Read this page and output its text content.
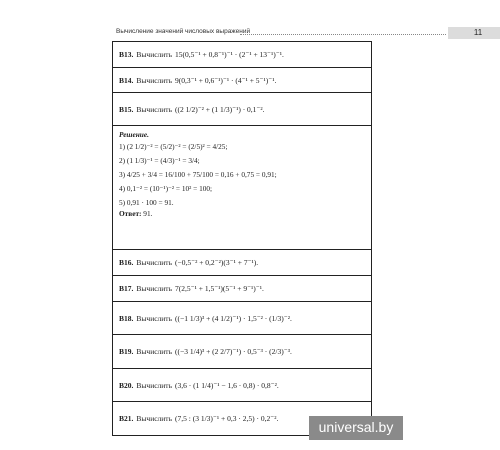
Вычисление значений числовых выражений	11
B13. Вычислить 15(0,5⁻¹ + 0,8⁻¹)⁻¹ · (2⁻¹ + 13⁻¹)⁻¹.
B14. Вычислить 9(0,3⁻¹ + 0,6⁻¹)⁻¹ · (4⁻¹ + 5⁻¹)⁻¹.
B15. Вычислить ((2 1/2)⁻² + (1 1/3)⁻¹) · 0,1⁻².
Решение.
1) (2 1/2)⁻² = (5/2)⁻² = (2/5)² = 4/25;
2) (1 1/3)⁻¹ = (4/3)⁻¹ = 3/4;
3) 4/25 + 3/4 = 16/100 + 75/100 = 0,16 + 0,75 = 0,91;
4) 0,1⁻² = (10⁻¹)⁻² = 10² = 100;
5) 0,91 · 100 = 91.
Ответ: 91.
B16. Вычислить (−0,5⁻² + 0,2⁻²)(3⁻¹ + 7⁻¹).
B17. Вычислить 7(2,5⁻¹ + 1,5⁻¹)(5⁻¹ + 9⁻¹)⁻¹.
B18. Вычислить ((−1 1/3)³ + (4 1/2)⁻¹) · 1,5⁻² · (1/3)⁻².
B19. Вычислить ((−3 1/4)³ + (2 2/7)⁻¹) · 0,5⁻³ · (2/3)⁻³.
B20. Вычислить (3,6 · (1 1/4)⁻¹ − 1,6 · 0,8) · 0,8⁻².
B21. Вычислить (7,5 : (3 1/3)⁻¹ + 0,3 · 2,5) · 0,2⁻².
universal.by
